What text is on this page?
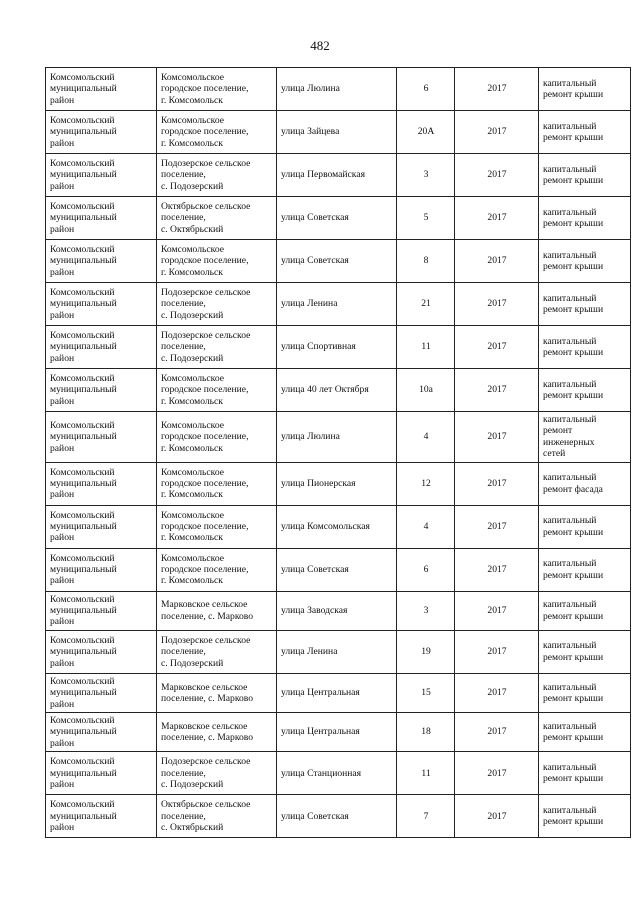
482
Комсомольский
муниципальный
район	Комсомольское
городское поселение,
г. Комсомольск	улица Люлина	6	2017	капитальный
ремонт крыши
Комсомольский
муниципальный
район	Комсомольское
городское поселение,
г. Комсомольск	улица Зайцева	20А	2017	капитальный
ремонт крыши
Комсомольский
муниципальный
район	Подозерское сельское
поселение,
с. Подозерский	улица Первомайская	3	2017	капитальный
ремонт крыши
Комсомольский
муниципальный
район	Октябрьское сельское
поселение,
с. Октябрьский	улица Советская	5	2017	капитальный
ремонт крыши
Комсомольский
муниципальный
район	Комсомольское
городское поселение,
г. Комсомольск	улица Советская	8	2017	капитальный
ремонт крыши
Комсомольский
муниципальный
район	Подозерское сельское
поселение,
с. Подозерский	улица Ленина	21	2017	капитальный
ремонт крыши
Комсомольский
муниципальный
район	Подозерское сельское
поселение,
с. Подозерский	улица Спортивная	11	2017	капитальный
ремонт крыши
Комсомольский
муниципальный
район	Комсомольское
городское поселение,
г. Комсомольск	улица 40 лет Октября	10а	2017	капитальный
ремонт крыши
Комсомольский
муниципальный
район	Комсомольское
городское поселение,
г. Комсомольск	улица Люлина	4	2017	капитальный
ремонт
инженерных
сетей
Комсомольский
муниципальный
район	Комсомольское
городское поселение,
г. Комсомольск	улица Пионерская	12	2017	капитальный
ремонт фасада
Комсомольский
муниципальный
район	Комсомольское
городское поселение,
г. Комсомольск	улица Комсомольская	4	2017	капитальный
ремонт крыши
Комсомольский
муниципальный
район	Комсомольское
городское поселение,
г. Комсомольск	улица Советская	6	2017	капитальный
ремонт крыши
Комсомольский
муниципальный
район	Марковское сельское
поселение, с. Марково	улица Заводская	3	2017	капитальный
ремонт крыши
Комсомольский
муниципальный
район	Подозерское сельское
поселение,
с. Подозерский	улица Ленина	19	2017	капитальный
ремонт крыши
Комсомольский
муниципальный
район	Марковское сельское
поселение, с. Марково	улица Центральная	15	2017	капитальный
ремонт крыши
Комсомольский
муниципальный
район	Марковское сельское
поселение, с. Марково	улица Центральная	18	2017	капитальный
ремонт крыши
Комсомольский
муниципальный
район	Подозерское сельское
поселение,
с. Подозерский	улица Станционная	11	2017	капитальный
ремонт крыши
Комсомольский
муниципальный
район	Октябрьское сельское
поселение,
с. Октябрьский	улица Советская	7	2017	капитальный
ремонт крыши
